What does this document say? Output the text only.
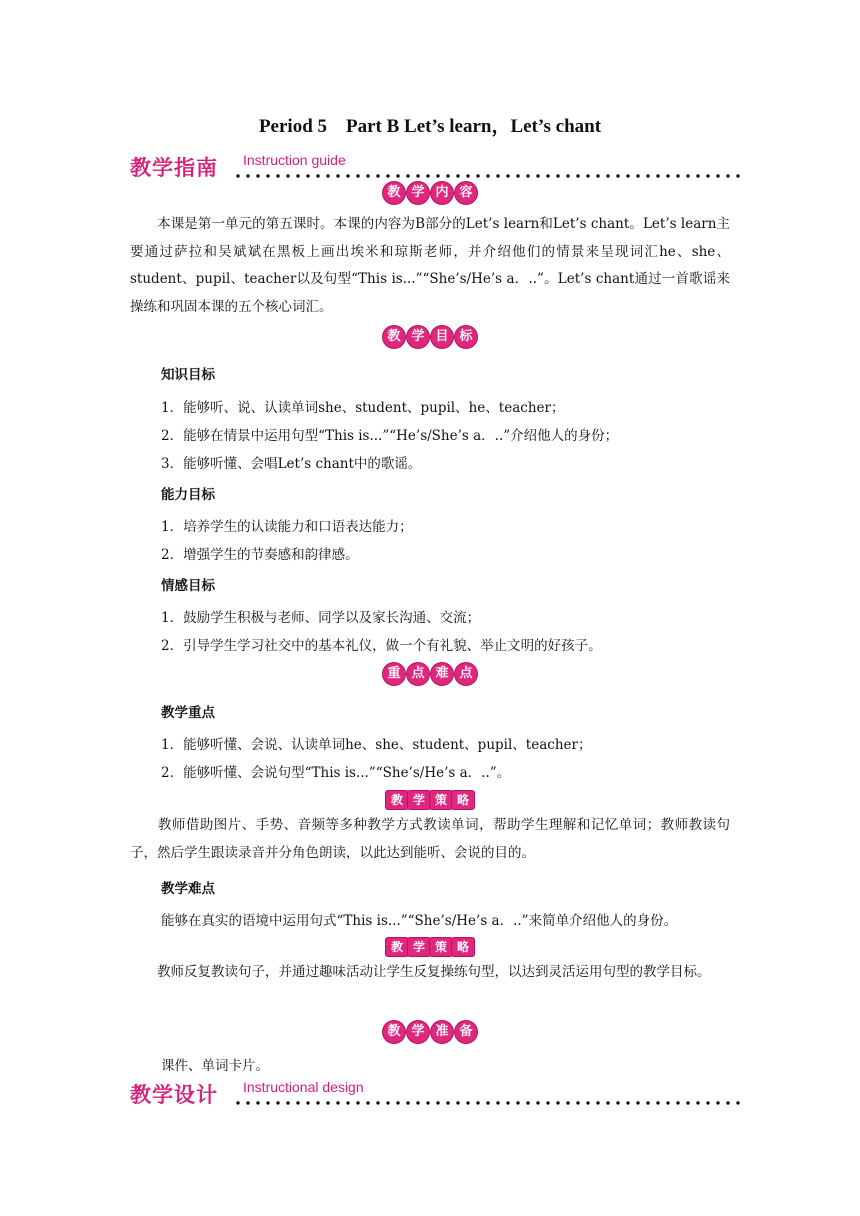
Period 5　Part B Let’s learn，Let’s chant
教学指南 Instruction guide
教 学 内 容
　　本课是第一单元的第五课时。本课的内容为B部分的Let’s learn和Let’s chant。Let’s learn主要通过萨拉和吴斌斌在黑板上画出埃米和琼斯老师，并介绍他们的情景来呈现词汇he、she、student、pupil、teacher以及句型“This is...”“She’s/He’s a．..”。Let’s chant通过一首歌谣来操练和巩固本课的五个核心词汇。
教 学 目 标
知识目标
1．能够听、说、认读单词she、student、pupil、he、teacher；
2．能够在情景中运用句型“This is...”“He’s/She’s a．..”介绍他人的身份；
3．能够听懂、会唱Let’s chant中的歌谣。
能力目标
1．培养学生的认读能力和口语表达能力；
2．增强学生的节奏感和韵律感。
情感目标
1．鼓励学生积极与老师、同学以及家长沟通、交流；
2．引导学生学习社交中的基本礼仪，做一个有礼貌、举止文明的好孩子。
重 点 难 点
教学重点
1．能够听懂、会说、认读单词he、she、student、pupil、teacher；
2．能够听懂、会说句型“This is...”“She’s/He’s a．..”。
教 学 策 略
　　教师借助图片、手势、音频等多种教学方式教读单词，帮助学生理解和记忆单词；教师教读句子，然后学生跟读录音并分角色朗读，以此达到能听、会说的目的。
教学难点
能够在真实的语境中运用句式“This is...”“She’s/He’s a．..”来简单介绍他人的身份。
教 学 策 略
　　教师反复教读句子，并通过趣味活动让学生反复操练句型，以达到灵活运用句型的教学目标。
教 学 准 备
课件、单词卡片。
教学设计 Instructional design
